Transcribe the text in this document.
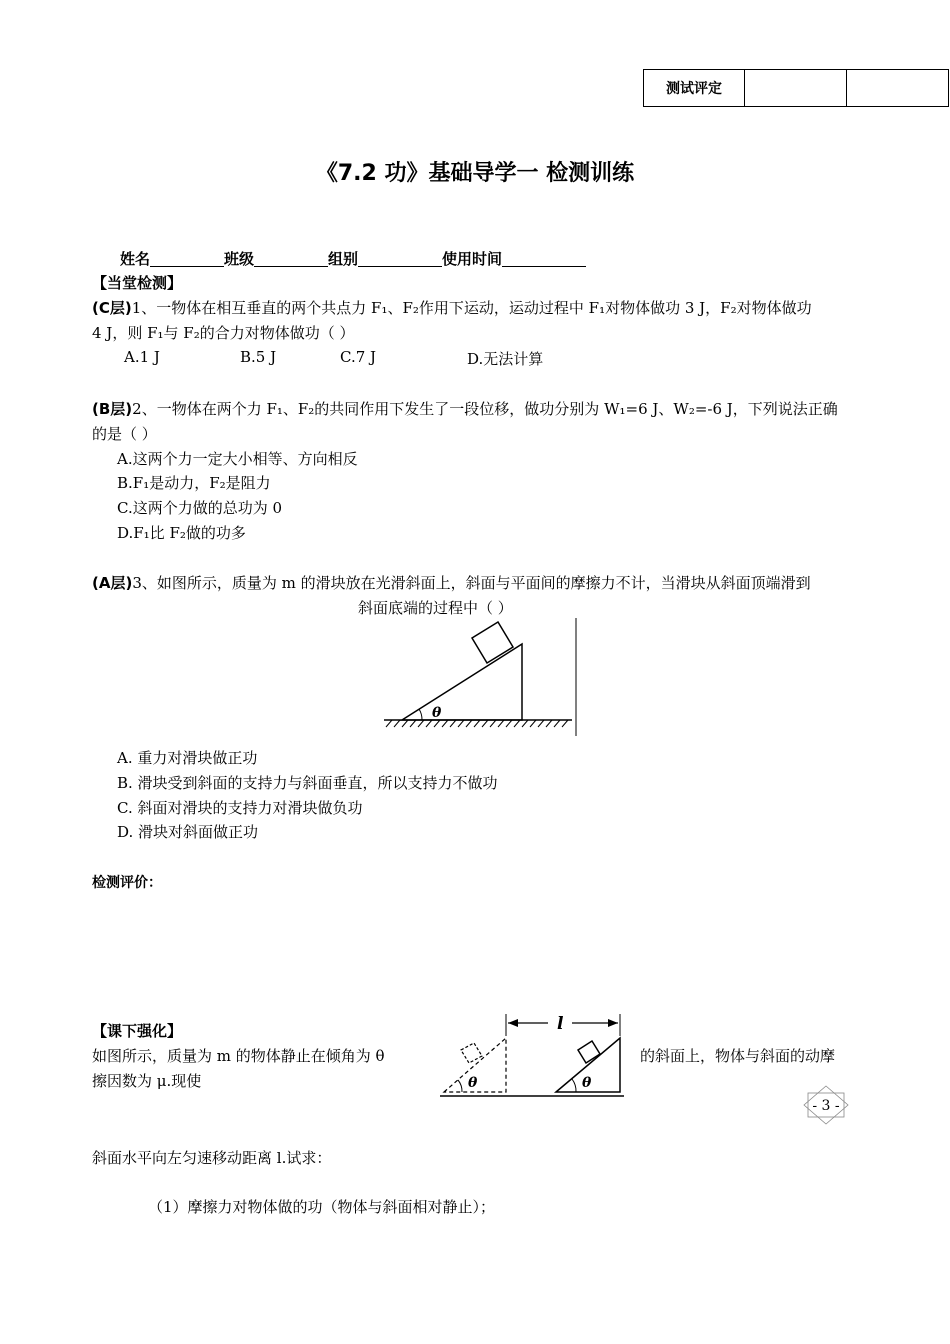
测试评定		
《7.2 功》基础导学一 检测训练
姓名	班级	组别	使用时间
【当堂检测】
(C层)1、一物体在相互垂直的两个共点力 F₁、F₂作用下运动，运动过程中 F₁对物体做功 3 J，F₂对物体做功
4 J，则 F₁与 F₂的合力对物体做功（ ）
A.1 J	B.5 J	C.7 J	D.无法计算
(B层)2、一物体在两个力 F₁、F₂的共同作用下发生了一段位移，做功分别为 W₁=6 J、W₂=-6 J，下列说法正确
的是（ ）
A.这两个力一定大小相等、方向相反
B.F₁是动力，F₂是阻力
C.这两个力做的总功为 0
D.F₁比 F₂做的功多
(A层)3、如图所示，质量为 m 的滑块放在光滑斜面上，斜面与平面间的摩擦力不计，当滑块从斜面顶端滑到
斜面底端的过程中（ ）
θ
A. 重力对滑块做正功
B. 滑块受到斜面的支持力与斜面垂直，所以支持力不做功
C. 斜面对滑块的支持力对滑块做负功
D. 滑块对斜面做正功
检测评价：
【课下强化】
如图所示，质量为 m 的物体静止在倾角为 θ	的斜面上，物体与斜面的动摩
擦因数为 μ.现使	θ	θ
l
- 3 -
斜面水平向左匀速移动距离 l.试求：
（1）摩擦力对物体做的功（物体与斜面相对静止）；
